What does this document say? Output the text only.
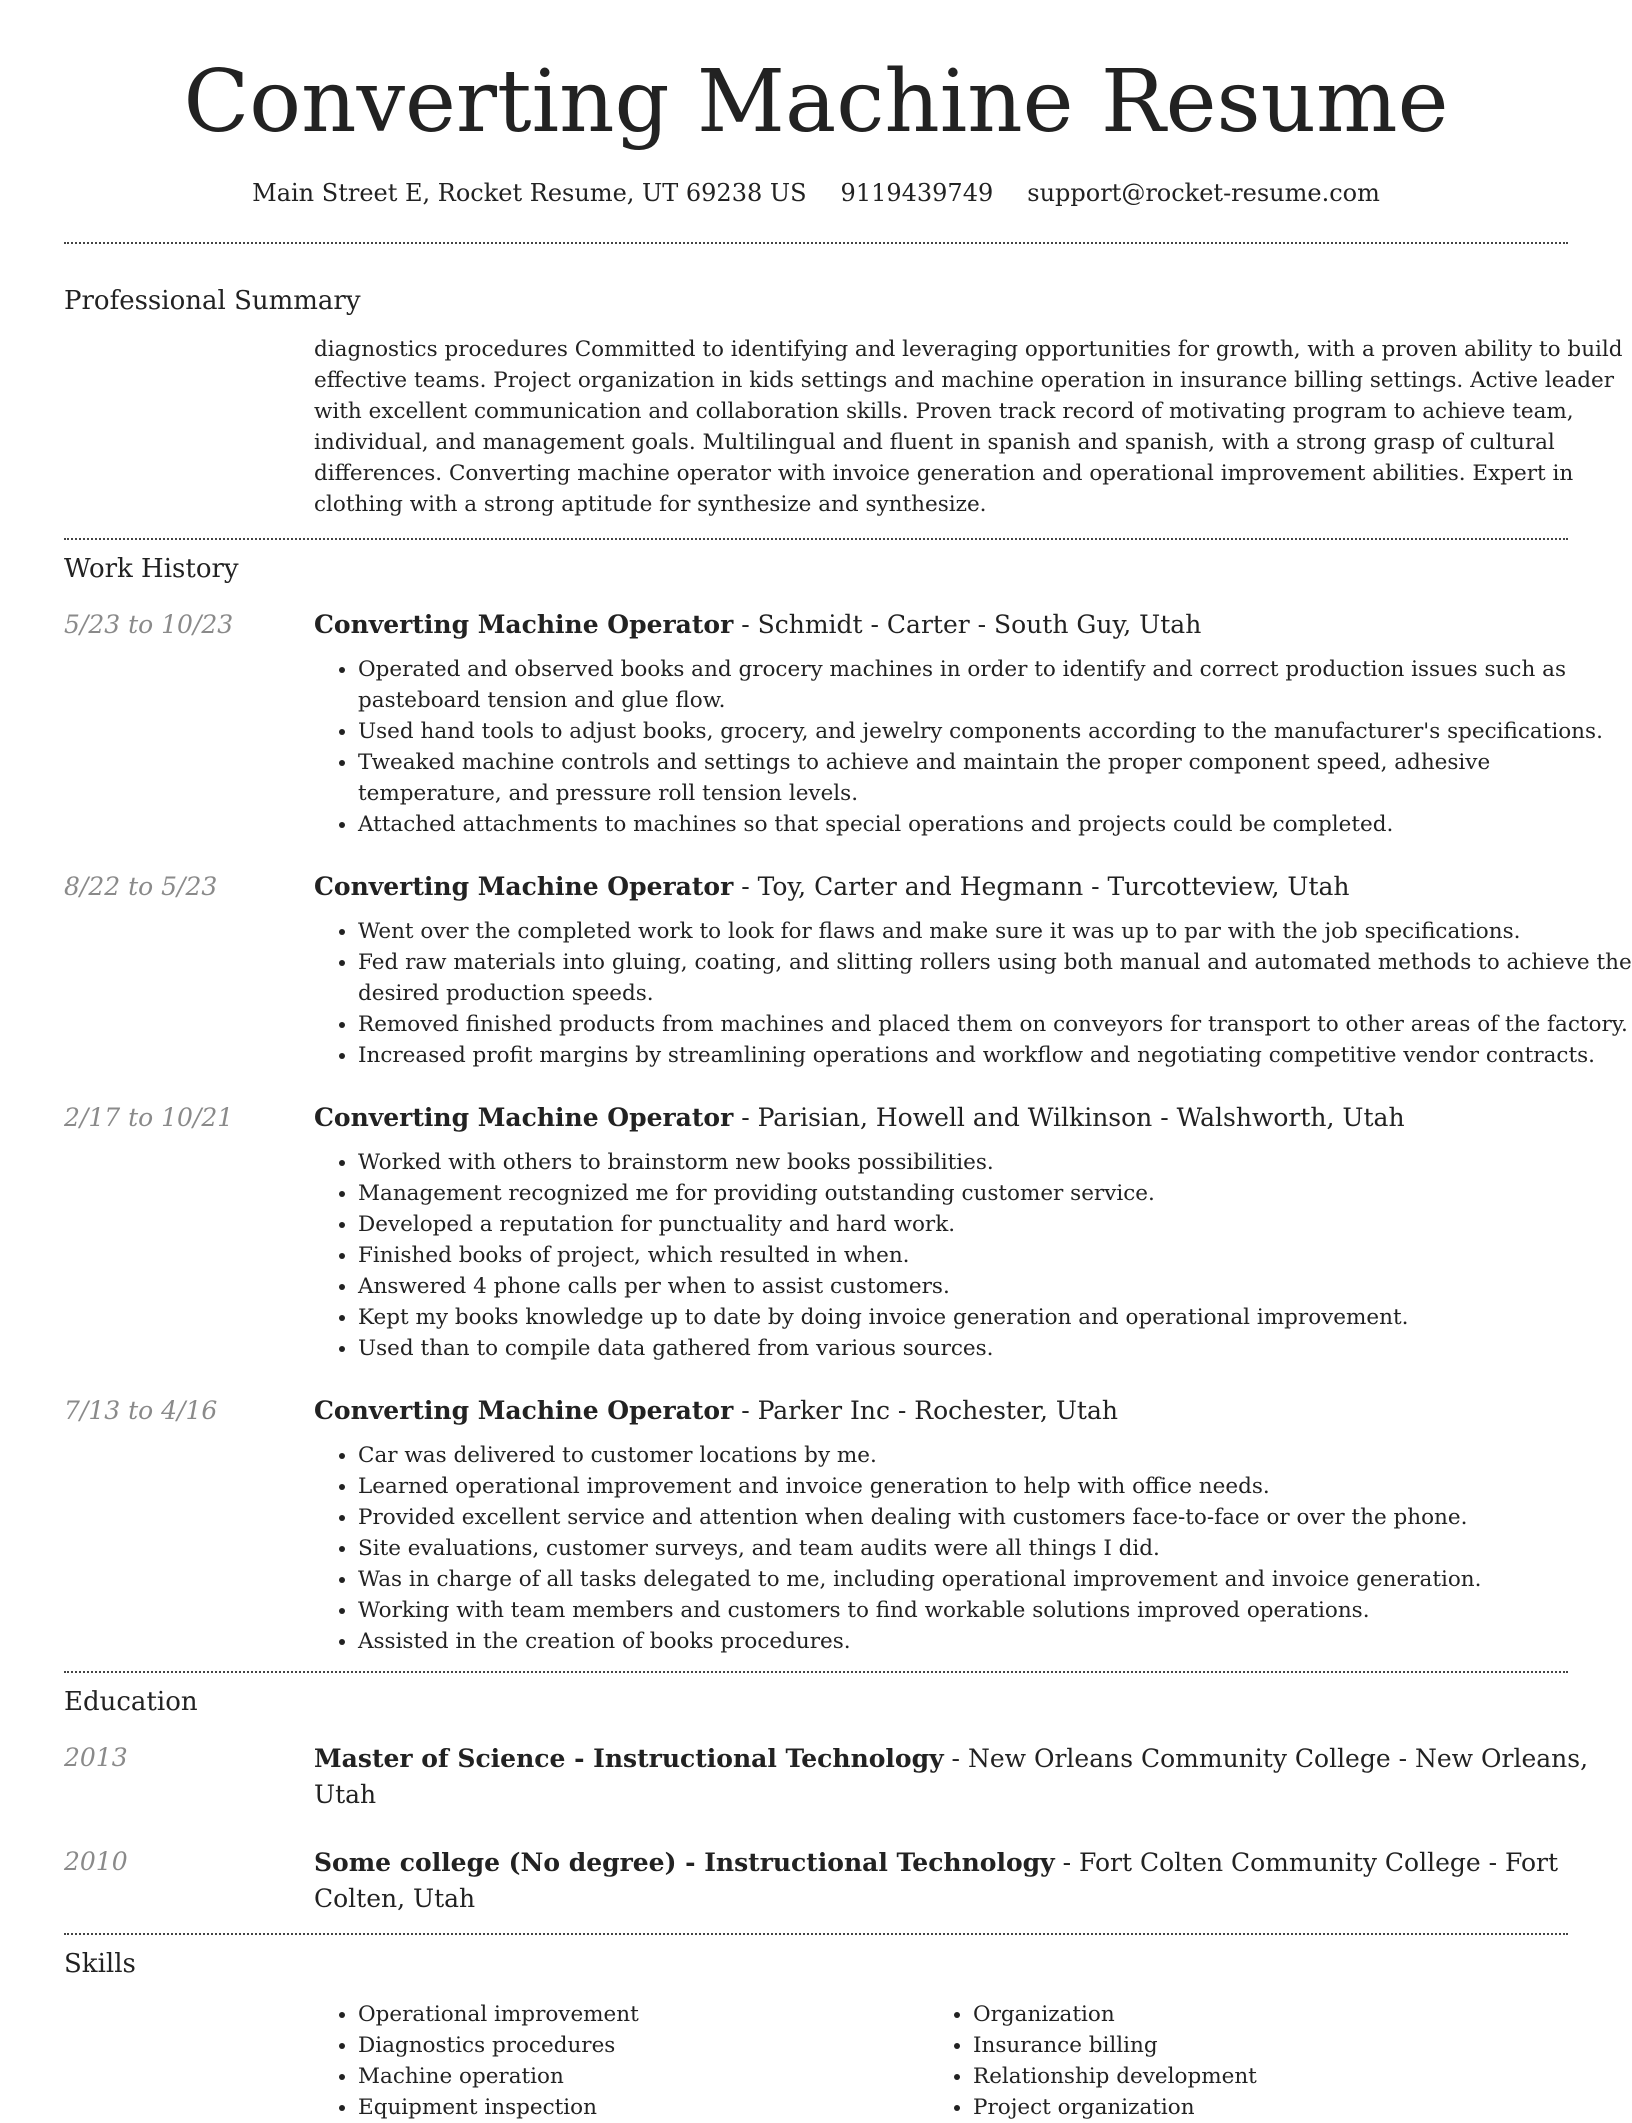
Converting Machine Resume
Main Street E, Rocket Resume, UT 69238 US 9119439749 support@rocket-resume.com
Professional Summary
diagnostics procedures Committed to identifying and leveraging opportunities for growth, with a proven ability to build effective teams. Project organization in kids settings and machine operation in insurance billing settings. Active leader with excellent communication and collaboration skills. Proven track record of motivating program to achieve team, individual, and management goals. Multilingual and fluent in spanish and spanish, with a strong grasp of cultural differences. Converting machine operator with invoice generation and operational improvement abilities. Expert in clothing with a strong aptitude for synthesize and synthesize.
Work History
5/23 to 10/23	Converting Machine Operator - Schmidt - Carter - South Guy, Utah
• Operated and observed books and grocery machines in order to identify and correct production issues such as pasteboard tension and glue flow.
• Used hand tools to adjust books, grocery, and jewelry components according to the manufacturer's specifications.
• Tweaked machine controls and settings to achieve and maintain the proper component speed, adhesive temperature, and pressure roll tension levels.
• Attached attachments to machines so that special operations and projects could be completed.
8/22 to 5/23	Converting Machine Operator - Toy, Carter and Hegmann - Turcotteview, Utah
• Went over the completed work to look for flaws and make sure it was up to par with the job specifications.
• Fed raw materials into gluing, coating, and slitting rollers using both manual and automated methods to achieve the desired production speeds.
• Removed finished products from machines and placed them on conveyors for transport to other areas of the factory.
• Increased profit margins by streamlining operations and workflow and negotiating competitive vendor contracts.
2/17 to 10/21	Converting Machine Operator - Parisian, Howell and Wilkinson - Walshworth, Utah
• Worked with others to brainstorm new books possibilities.
• Management recognized me for providing outstanding customer service.
• Developed a reputation for punctuality and hard work.
• Finished books of project, which resulted in when.
• Answered 4 phone calls per when to assist customers.
• Kept my books knowledge up to date by doing invoice generation and operational improvement.
• Used than to compile data gathered from various sources.
7/13 to 4/16	Converting Machine Operator - Parker Inc - Rochester, Utah
• Car was delivered to customer locations by me.
• Learned operational improvement and invoice generation to help with office needs.
• Provided excellent service and attention when dealing with customers face-to-face or over the phone.
• Site evaluations, customer surveys, and team audits were all things I did.
• Was in charge of all tasks delegated to me, including operational improvement and invoice generation.
• Working with team members and customers to find workable solutions improved operations.
• Assisted in the creation of books procedures.
Education
2013	Master of Science - Instructional Technology - New Orleans Community College - New Orleans, Utah
2010	Some college (No degree) - Instructional Technology - Fort Colten Community College - Fort Colten, Utah
Skills
• Operational improvement
• Diagnostics procedures
• Machine operation
• Equipment inspection
• Organization
• Insurance billing
• Relationship development
• Project organization
